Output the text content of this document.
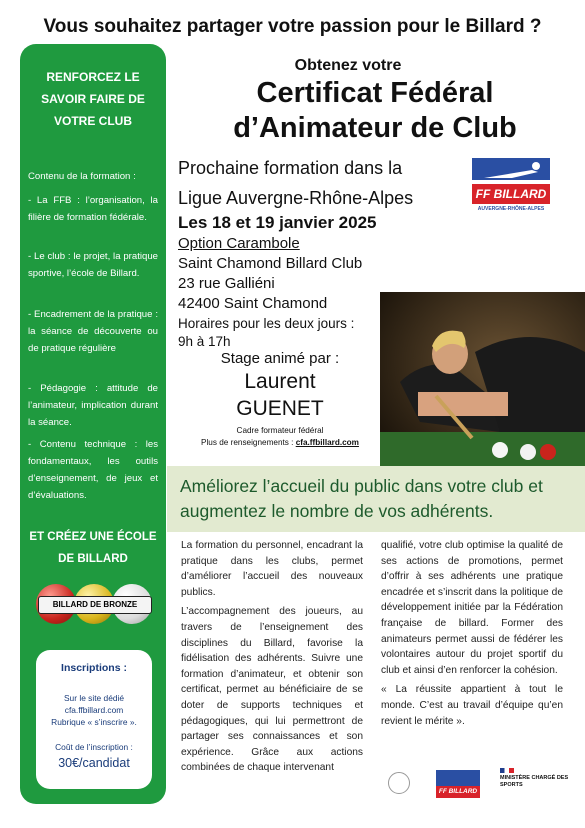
Vous souhaitez partager votre passion pour le Billard ?
RENFORCEZ LE
SAVOIR FAIRE DE
VOTRE CLUB
Contenu de la formation :
- La FFB : l’organisation, la filière de formation fédérale.
- Le club : le projet, la pratique sportive, l’école de Billard.
- Encadrement de la pratique : la séance de découverte ou de pratique régulière
- Pédagogie : attitude de l’animateur, implication durant la séance.
- Contenu technique : les fondamentaux, les outils d’enseignement, de jeux et d’évaluations.
ET CRÉEZ UNE ÉCOLE
DE BILLARD
BILLARD DE BRONZE
Inscriptions :
Sur le site dédié
cfa.ffbillard.com
Rubrique « s’inscrire ».
Coût de l’inscription :
30€/candidat
Obtenez votre
Certificat Fédéral
d’Animateur de Club
Prochaine formation dans la
Ligue Auvergne-Rhône-Alpes
Les 18 et 19 janvier 2025
Option Carambole
Saint Chamond Billard Club
23 rue Galliéni
42400 Saint Chamond
Horaires pour les deux jours :
9h à 17h
Stage animé par :
Laurent
GUENET
Cadre formateur fédéral
Plus de renseignements : cfa.ffbillard.com
FF BILLARD
AUVERGNE-RHÔNE-ALPES
Améliorez l’accueil du public dans votre club et augmentez le nombre de vos adhérents.

La formation du personnel, encadrant la pratique dans les clubs, permet d’améliorer l’accueil des nouveaux publics.

L’accompagnement des joueurs, au travers de l’enseignement des disciplines du Billard, favorise la fidélisation des adhérents. Suivre une formation d’animateur, et obtenir son certificat, permet au bénéficiaire de se doter de supports techniques et pédagogiques, qui lui permettront de partager ses connaissances et son expérience. Grâce aux actions combinées de chaque intervenant

qualifié, votre club optimise la qualité de ses actions de promotions, permet d’offrir à ses adhérents une pratique encadrée et s’inscrit dans la politique de développement initiée par la Fédération française de billard. Former des animateurs permet aussi de fédérer les volontaires autour du projet sportif du club et ainsi d’en renforcer la cohésion.

« La réussite appartient à tout le monde. C’est au travail d’équipe qu’en revient le mérite ».

FF BILLARD
MINISTÈRE CHARGÉ DES SPORTS
